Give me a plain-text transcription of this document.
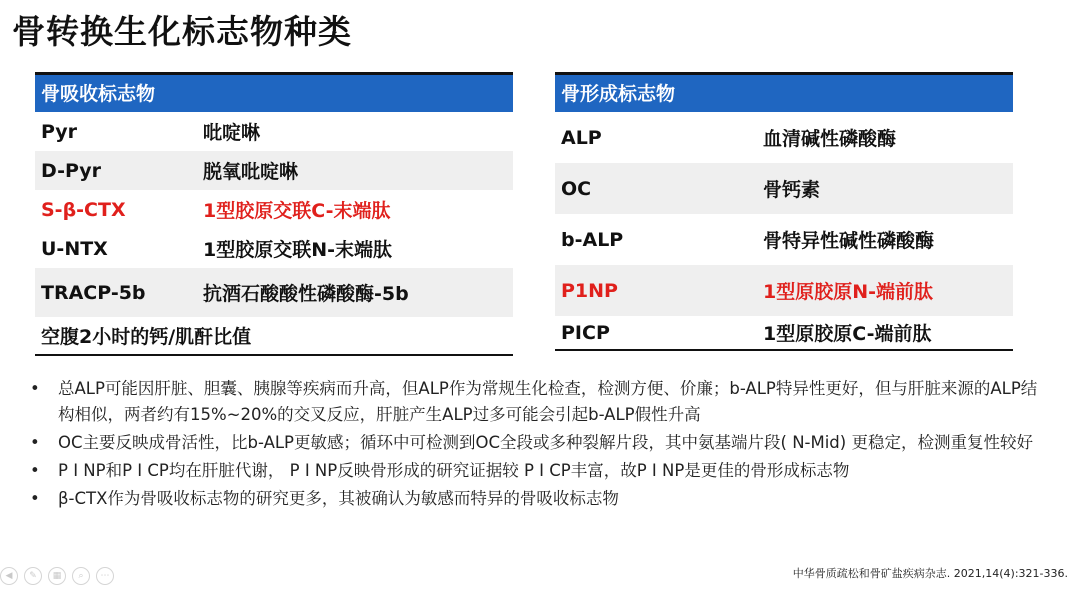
骨转换生化标志物种类
骨吸收标志物
Pyr	吡啶啉
D-Pyr	脱氧吡啶啉
S-β-CTX	1型胶原交联C-末端肽
U-NTX	1型胶原交联N-末端肽
TRACP-5b	抗酒石酸酸性磷酸酶-5b
空腹2小时的钙/肌酐比值
骨形成标志物
ALP	血清碱性磷酸酶
OC	骨钙素
b-ALP	骨特异性碱性磷酸酶
P1NP	1型原胶原N-端前肽
PICP	1型原胶原C-端前肽
•	总ALP可能因肝脏、胆囊、胰腺等疾病而升高，但ALP作为常规生化检查，检测方便、价廉；b-ALP特异性更好，但与肝脏来源的ALP结构相似，两者约有15%~20%的交叉反应，肝脏产生ALP过多可能会引起b-ALP假性升高
•	OC主要反映成骨活性，比b-ALP更敏感；循环中可检测到OC全段或多种裂解片段，其中氨基端片段( N-Mid) 更稳定，检测重复性较好
•	P I NP和P I CP均在肝脏代谢， P I NP反映骨形成的研究证据较 P I CP丰富，故P I NP是更佳的骨形成标志物
•	β-CTX作为骨吸收标志物的研究更多，其被确认为敏感而特异的骨吸收标志物
◀	✎	▦	⌕	⋯	中华骨质疏松和骨矿盐疾病杂志. 2021,14(4):321-336.
